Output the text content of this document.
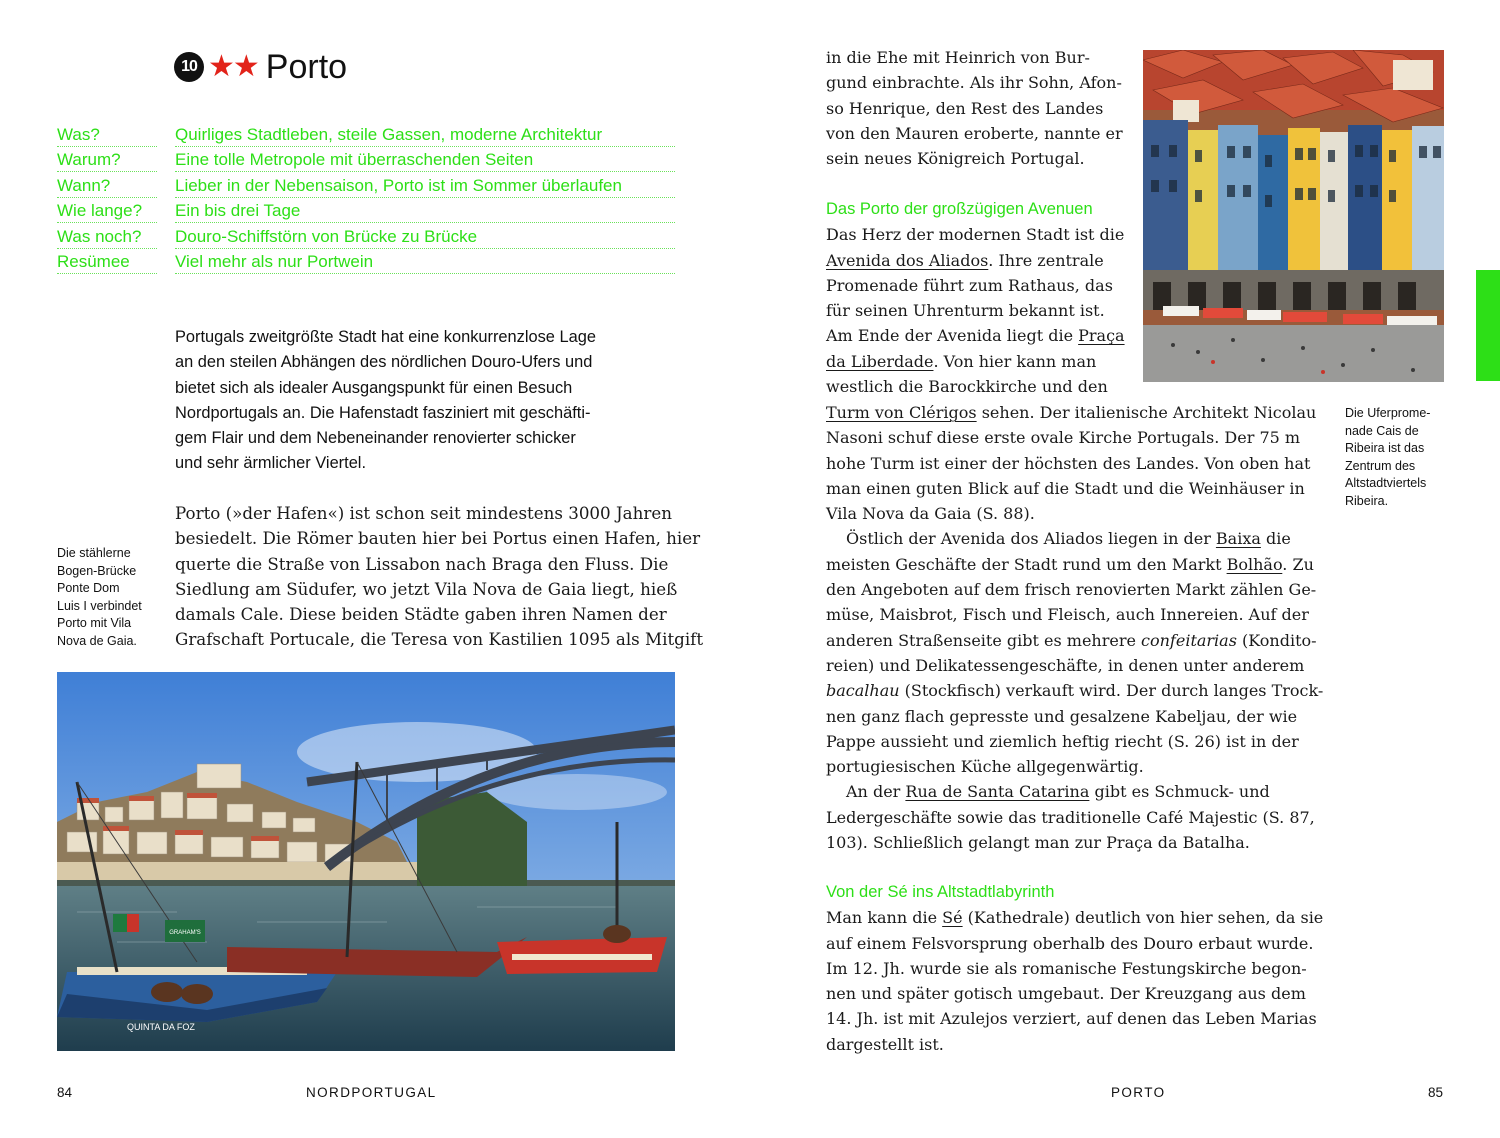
10 ★★ Porto
Was?	Quirliges Stadtleben, steile Gassen, moderne Architektur
Warum?	Eine tolle Metropole mit überraschenden Seiten
Wann?	Lieber in der Nebensaison, Porto ist im Sommer überlaufen
Wie lange?	Ein bis drei Tage
Was noch?	Douro-Schiffstörn von Brücke zu Brücke
Resümee	Viel mehr als nur Portwein
Portugals zweitgrößte Stadt hat eine konkurrenzlose Lage
an den steilen Abhängen des nördlichen Douro-Ufers und
bietet sich als idealer Ausgangspunkt für einen Besuch
Nordportugals an. Die Hafenstadt fasziniert mit geschäfti-
gem Flair und dem Nebeneinander renovierter schicker
und sehr ärmlicher Viertel.
Porto (»der Hafen«) ist schon seit mindestens 3000 Jahren
besiedelt. Die Römer bauten hier bei Portus einen Hafen, hier
querte die Straße von Lissabon nach Braga den Fluss. Die
Siedlung am Südufer, wo jetzt Vila Nova de Gaia liegt, hieß
damals Cale. Diese beiden Städte gaben ihren Namen der
Grafschaft Portucale, die Teresa von Kastilien 1095 als Mitgift
Die stählerne
Bogen-Brücke
Ponte Dom
Luis I verbindet
Porto mit Vila
Nova de Gaia.
GRAHAM'S
QUINTA DA FOZ
in die Ehe mit Heinrich von Bur-
gund einbrachte. Als ihr Sohn, Afon-
so Henrique, den Rest des Landes
von den Mauren eroberte, nannte er
sein neues Königreich Portugal.
Das Porto der großzügigen Avenuen
Das Herz der modernen Stadt ist die
Avenida dos Aliados. Ihre zentrale
Promenade führt zum Rathaus, das
für seinen Uhrenturm bekannt ist.
Am Ende der Avenida liegt die Praça
da Liberdade. Von hier kann man
westlich die Barockkirche und den
Turm von Clérigos sehen. Der italienische Architekt Nicolau
Nasoni schuf diese erste ovale Kirche Portugals. Der 75 m
hohe Turm ist einer der höchsten des Landes. Von oben hat
man einen guten Blick auf die Stadt und die Weinhäuser in
Vila Nova da Gaia (S. 88).
Östlich der Avenida dos Aliados liegen in der Baixa die
meisten Geschäfte der Stadt rund um den Markt Bolhão. Zu
den Angeboten auf dem frisch renovierten Markt zählen Ge-
müse, Maisbrot, Fisch und Fleisch, auch Innereien. Auf der
anderen Straßenseite gibt es mehrere confeitarias (Kondito-
reien) und Delikatessengeschäfte, in denen unter anderem
bacalhau (Stockfisch) verkauft wird. Der durch langes Trock-
nen ganz flach gepresste und gesalzene Kabeljau, der wie
Pappe aussieht und ziemlich heftig riecht (S. 26) ist in der
portugiesischen Küche allgegenwärtig.
An der Rua de Santa Catarina gibt es Schmuck- und
Ledergeschäfte sowie das traditionelle Café Majestic (S. 87,
103). Schließlich gelangt man zur Praça da Batalha.
Von der Sé ins Altstadtlabyrinth
Man kann die Sé (Kathedrale) deutlich von hier sehen, da sie
auf einem Felsvorsprung oberhalb des Douro erbaut wurde.
Im 12. Jh. wurde sie als romanische Festungskirche begon-
nen und später gotisch umgebaut. Der Kreuzgang aus dem
14. Jh. ist mit Azulejos verziert, auf denen das Leben Marias
dargestellt ist.
Die Uferprome-
nade Cais de
Ribeira ist das
Zentrum des
Altstadtviertels
Ribeira.
84	NORDPORTUGAL	PORTO	85
